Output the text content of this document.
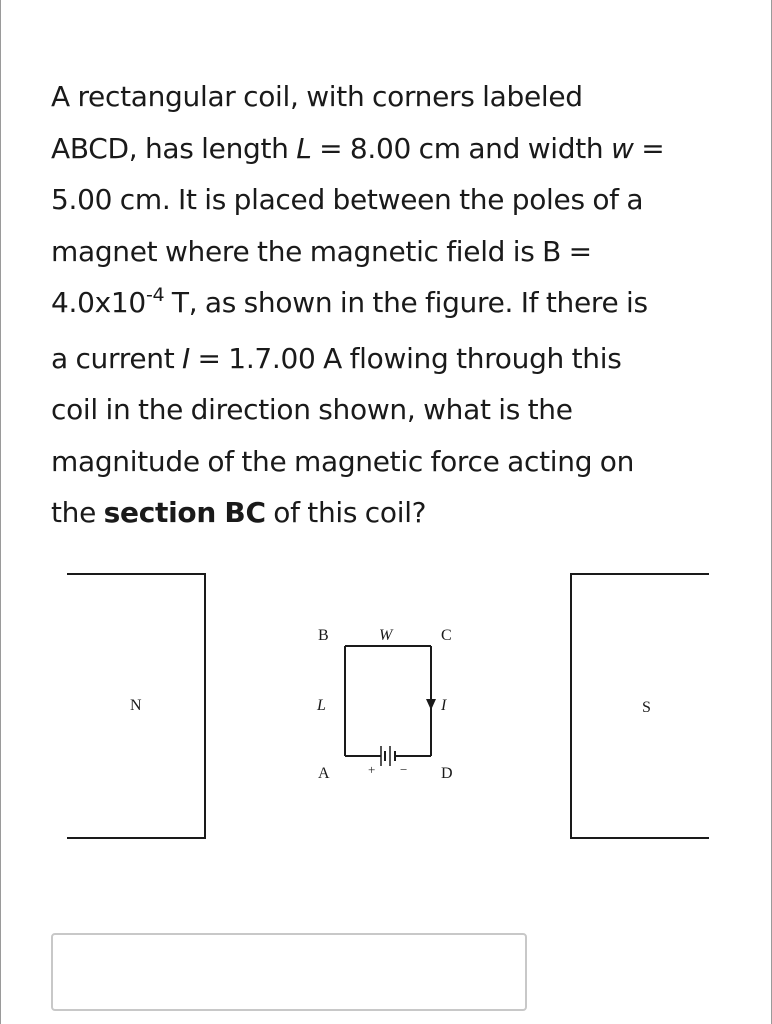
A rectangular coil, with corners labeled
ABCD, has length L = 8.00 cm and width w =
5.00 cm. It is placed between the poles of a
magnet where the magnetic field is B =
$4.0x10^{-4}$ T, as shown in the figure. If there is
a current I = 1.7.00 A flowing through this
coil in the direction shown, what is the
magnitude of the magnetic force acting on
the section BC of this coil?
N	S
+ −
I
B	W	C
L
A	D
